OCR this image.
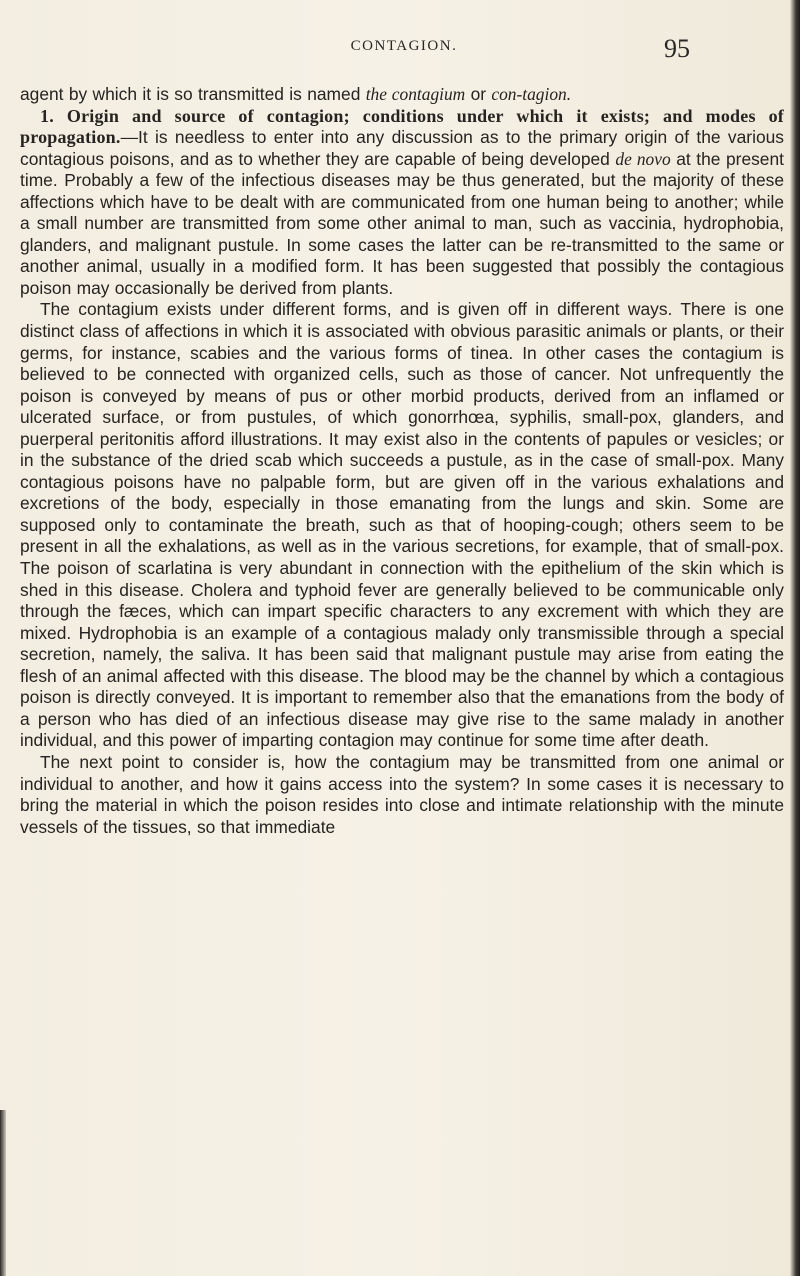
CONTAGION.	95

agent by which it is so transmitted is named the contagium or con-tagion.

1. Origin and source of contagion; conditions under which it exists; and modes of propagation.—It is needless to enter into any discussion as to the primary origin of the various contagious poisons, and as to whether they are capable of being developed de novo at the present time. Probably a few of the infectious diseases may be thus generated, but the majority of these affections which have to be dealt with are communicated from one human being to another; while a small number are transmitted from some other animal to man, such as vaccinia, hydrophobia, glanders, and malignant pustule. In some cases the latter can be re-transmitted to the same or another animal, usually in a modified form. It has been suggested that possibly the contagious poison may occasionally be derived from plants.

The contagium exists under different forms, and is given off in different ways. There is one distinct class of affections in which it is associated with obvious parasitic animals or plants, or their germs, for instance, scabies and the various forms of tinea. In other cases the contagium is believed to be connected with organized cells, such as those of cancer. Not unfrequently the poison is conveyed by means of pus or other morbid products, derived from an inflamed or ulcerated surface, or from pustules, of which gonorrhœa, syphilis, small-pox, glanders, and puerperal peritonitis afford illustrations. It may exist also in the contents of papules or vesicles; or in the substance of the dried scab which succeeds a pustule, as in the case of small-pox. Many contagious poisons have no palpable form, but are given off in the various exhalations and excretions of the body, especially in those emanating from the lungs and skin. Some are supposed only to contaminate the breath, such as that of hooping-cough; others seem to be present in all the exhalations, as well as in the various secretions, for example, that of small-pox. The poison of scarlatina is very abundant in connection with the epithelium of the skin which is shed in this disease. Cholera and typhoid fever are generally believed to be communicable only through the fæces, which can impart specific characters to any excrement with which they are mixed. Hydrophobia is an example of a contagious malady only transmissible through a special secretion, namely, the saliva. It has been said that malignant pustule may arise from eating the flesh of an animal affected with this disease. The blood may be the channel by which a contagious poison is directly conveyed. It is important to remember also that the emanations from the body of a person who has died of an infectious disease may give rise to the same malady in another individual, and this power of imparting contagion may continue for some time after death.

The next point to consider is, how the contagium may be transmitted from one animal or individual to another, and how it gains access into the system? In some cases it is necessary to bring the material in which the poison resides into close and intimate relationship with the minute vessels of the tissues, so that immediate
